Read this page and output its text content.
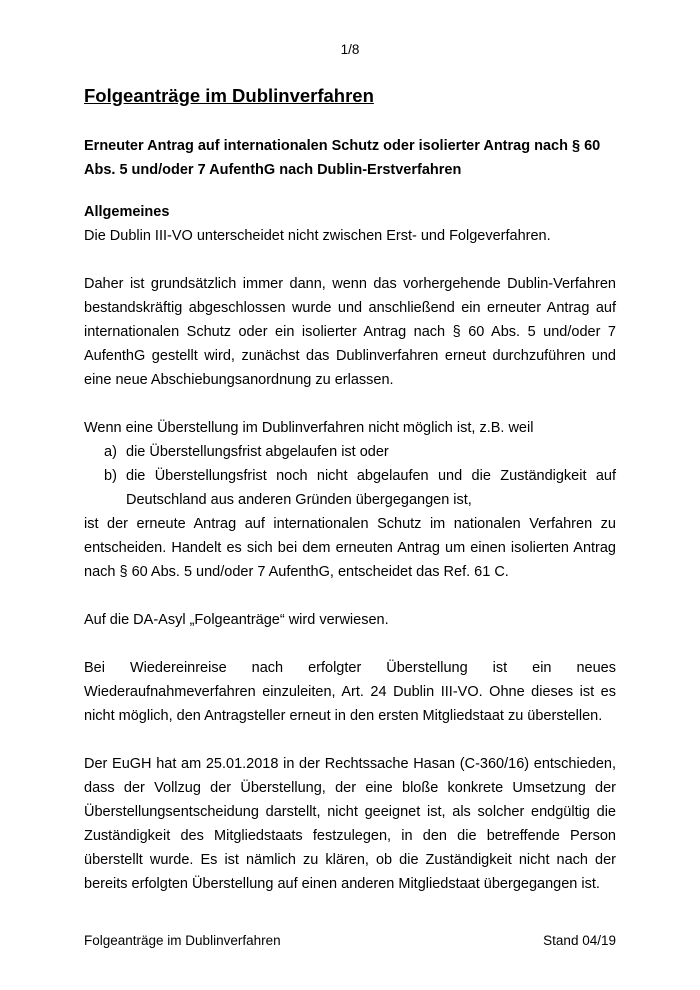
1/8
Folgeanträge im Dublinverfahren
Erneuter Antrag auf internationalen Schutz oder isolierter Antrag nach § 60 Abs. 5 und/oder 7 AufenthG nach Dublin-Erstverfahren
Allgemeines

Die Dublin III-VO unterscheidet nicht zwischen Erst- und Folgeverfahren.

Daher ist grundsätzlich immer dann, wenn das vorhergehende Dublin-Verfahren bestandskräftig abgeschlossen wurde und anschließend ein erneuter Antrag auf internationalen Schutz oder ein isolierter Antrag nach § 60 Abs. 5 und/oder 7 AufenthG gestellt wird, zunächst das Dublinverfahren erneut durchzuführen und eine neue Abschiebungsanordnung zu erlassen.

Wenn eine Überstellung im Dublinverfahren nicht möglich ist, z.B. weil

a) die Überstellungsfrist abgelaufen ist oder
b) die Überstellungsfrist noch nicht abgelaufen und die Zuständigkeit auf Deutschland aus anderen Gründen übergegangen ist,

ist der erneute Antrag auf internationalen Schutz im nationalen Verfahren zu entscheiden. Handelt es sich bei dem erneuten Antrag um einen isolierten Antrag nach § 60 Abs. 5 und/oder 7 AufenthG, entscheidet das Ref. 61 C.

Auf die DA-Asyl „Folgeanträge“ wird verwiesen.

Bei Wiedereinreise nach erfolgter Überstellung ist ein neues Wiederaufnahmeverfahren einzuleiten, Art. 24 Dublin III-VO. Ohne dieses ist es nicht möglich, den Antragsteller erneut in den ersten Mitgliedstaat zu überstellen.

Der EuGH hat am 25.01.2018 in der Rechtssache Hasan (C-360/16) entschieden, dass der Vollzug der Überstellung, der eine bloße konkrete Umsetzung der Überstellungsentscheidung darstellt, nicht geeignet ist, als solcher endgültig die Zuständigkeit des Mitgliedstaats festzulegen, in den die betreffende Person überstellt wurde. Es ist nämlich zu klären, ob die Zuständigkeit nicht nach der bereits erfolgten Überstellung auf einen anderen Mitgliedstaat übergegangen ist.

Folgeanträge im Dublinverfahren	Stand 04/19
